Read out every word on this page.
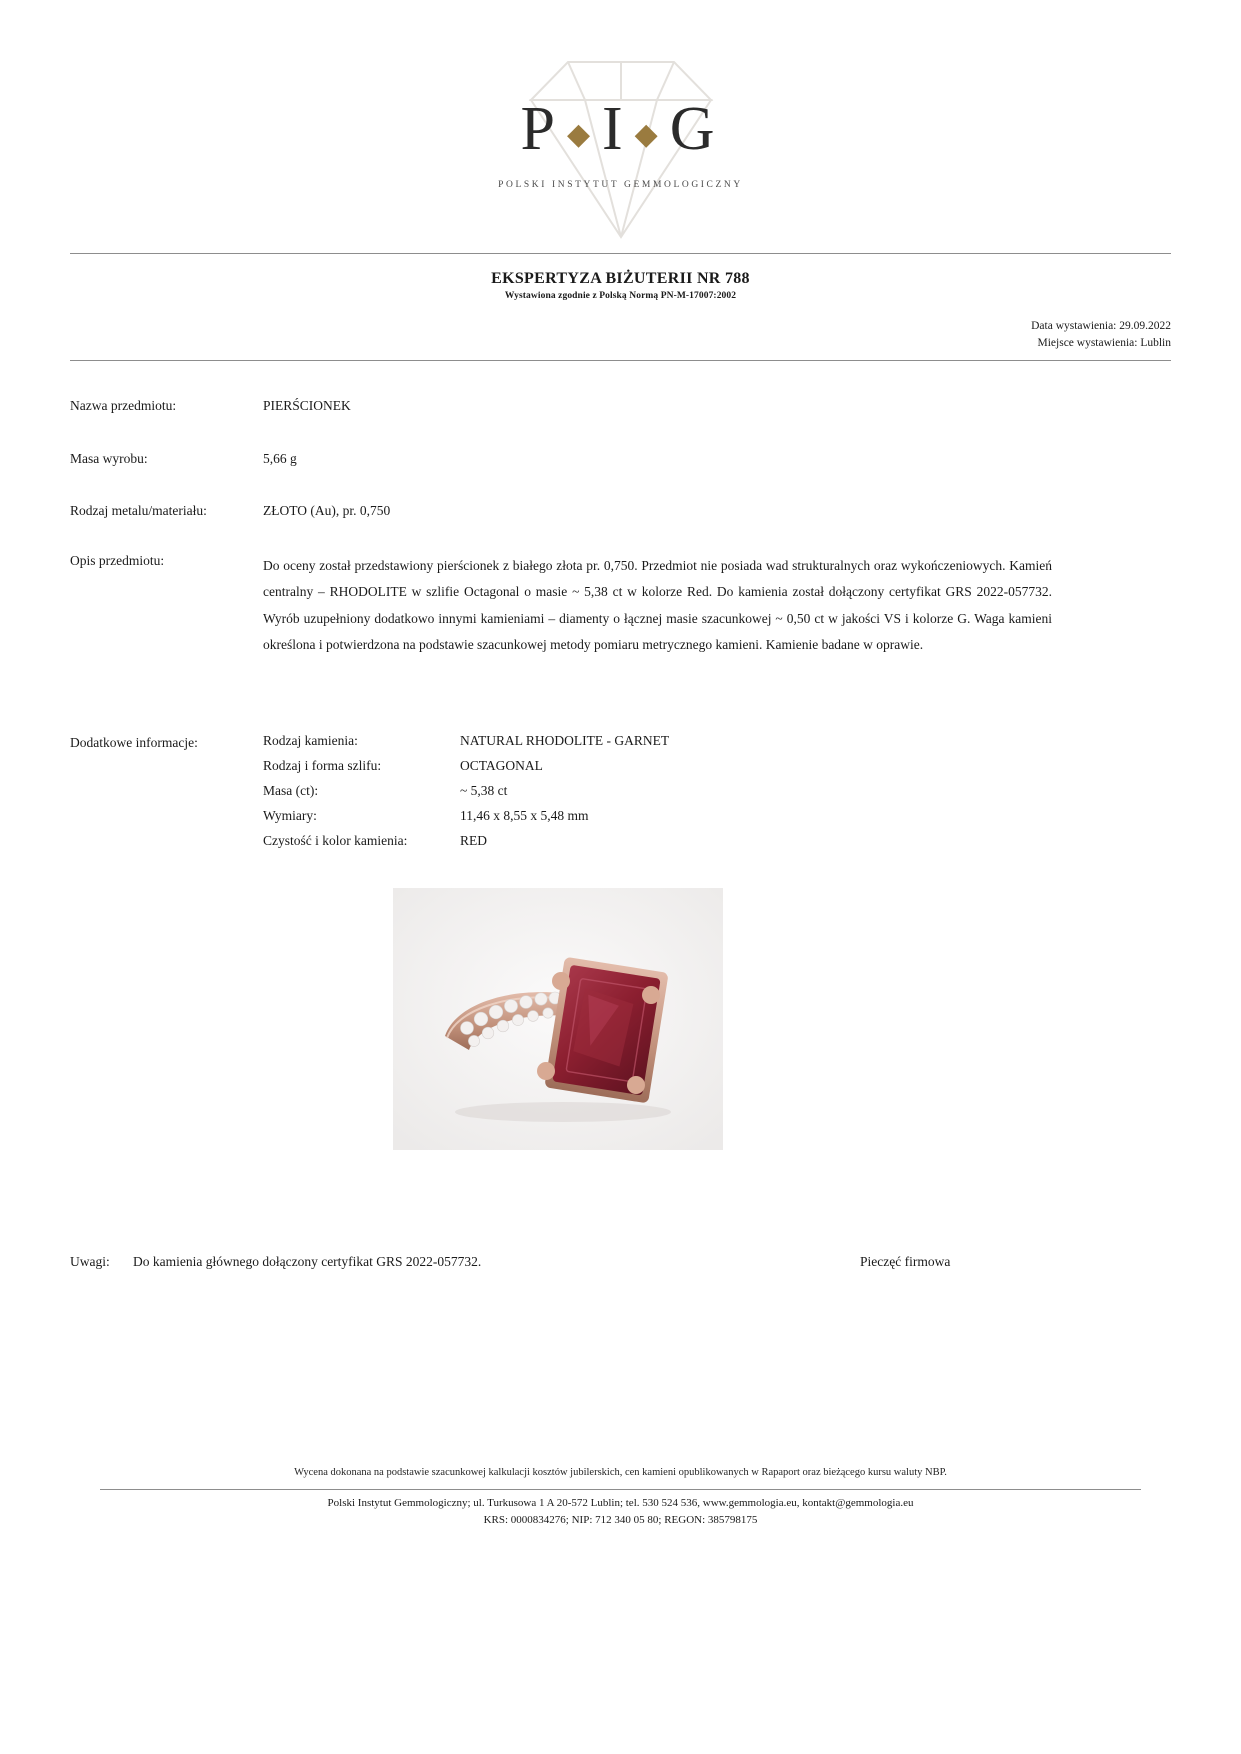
P ◆I ◆G
POLSKI INSTYTUT GEMMOLOGICZNY
EKSPERTYZA BIŻUTERII NR 788
Wystawiona zgodnie z Polską Normą PN-M-17007:2002
Data wystawienia: 29.09.2022
Miejsce wystawienia: Lublin
Nazwa przedmiotu:	PIERŚCIONEK
Masa wyrobu:	5,66 g
Rodzaj metalu/materiału:	ZŁOTO (Au), pr. 0,750
Opis przedmiotu:	Do oceny został przedstawiony pierścionek z białego złota pr. 0,750. Przedmiot nie posiada wad strukturalnych oraz wykończeniowych. Kamień centralny – RHODOLITE w szlifie Octagonal o masie ~ 5,38 ct w kolorze Red. Do kamienia został dołączony certyfikat GRS 2022-057732. Wyrób uzupełniony dodatkowo innymi kamieniami – diamenty o łącznej masie szacunkowej ~ 0,50 ct w jakości VS i kolorze G. Waga kamieni określona i potwierdzona na podstawie szacunkowej metody pomiaru metrycznego kamieni. Kamienie badane w oprawie.
Dodatkowe informacje:	Rodzaj kamienia:	NATURAL RHODOLITE - GARNET
Rodzaj i forma szlifu:	OCTAGONAL
Masa (ct):	~ 5,38 ct
Wymiary:	11,46 x 8,55 x 5,48 mm
Czystość i kolor kamienia:	RED
Uwagi: Do kamienia głównego dołączony certyfikat GRS 2022-057732.	Pieczęć firmowa
Wycena dokonana na podstawie szacunkowej kalkulacji kosztów jubilerskich, cen kamieni opublikowanych w Rapaport oraz bieżącego kursu waluty NBP.
Polski Instytut Gemmologiczny; ul. Turkusowa 1 A 20-572 Lublin; tel. 530 524 536, www.gemmologia.eu, kontakt@gemmologia.eu
KRS: 0000834276; NIP: 712 340 05 80; REGON: 385798175
